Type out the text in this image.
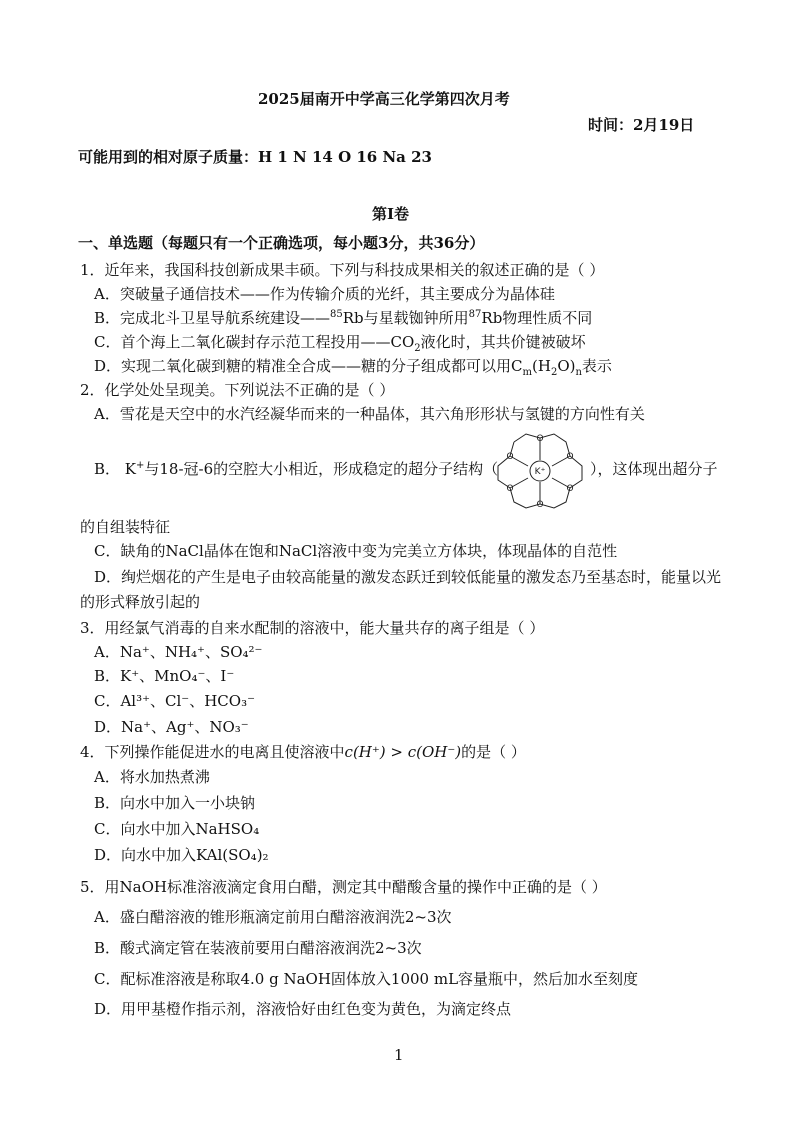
2025届南开中学高三化学第四次月考
时间：2月19日
可能用到的相对原子质量：H 1 N 14 O 16 Na 23
第Ⅰ卷
一、单选题（每题只有一个正确选项，每小题3分，共36分）
1．近年来，我国科技创新成果丰硕。下列与科技成果相关的叙述正确的是（ ）
A．突破量子通信技术——作为传输介质的光纤，其主要成分为晶体硅
B．完成北斗卫星导航系统建设——$^{85}$Rb与星载铷钟所用$^{87}$Rb物理性质不同
C．首个海上二氧化碳封存示范工程投用$——CO_2$液化时，其共价键被破坏
D．实现二氧化碳到糖的精准全合成——糖的分子组成都可以用$C_m(H_2O)_n$表示
2．化学处处呈现美。下列说法不正确的是（ ）
A．雪花是天空中的水汽经凝华而来的一种晶体，其六角形形状与氢键的方向性有关
B． K+与18-冠-6的空腔大小相近，形成稳定的超分子结构（
O
O
O	O
O	O
K⁺	），这体现出超分子
的自组装特征
C．缺角的NaCl晶体在饱和NaCl溶液中变为完美立方体块，体现晶体的自范性
D．绚烂烟花的产生是电子由较高能量的激发态跃迁到较低能量的激发态乃至基态时，能量以光
的形式释放引起的
3．用经氯气消毒的自来水配制的溶液中，能大量共存的离子组是（ ）
A．Na⁺、NH₄⁺、SO₄²⁻
B．K⁺、MnO₄⁻、I⁻
C．Al³⁺、Cl⁻、HCO₃⁻
D．Na⁺、Ag⁺、NO₃⁻
4．下列操作能促进水的电离且使溶液中c(H⁺) > c(OH⁻)的是（ ）
A．将水加热煮沸
B．向水中加入一小块钠
C．向水中加入NaHSO₄
D．向水中加入KAl(SO₄)₂
5．用NaOH标准溶液滴定食用白醋，测定其中醋酸含量的操作中正确的是（ ）
A．盛白醋溶液的锥形瓶滴定前用白醋溶液润洗2~3次
B．酸式滴定管在装液前要用白醋溶液润洗2~3次
C．配标准溶液是称取4.0 g NaOH固体放入1000 mL容量瓶中，然后加水至刻度
D．用甲基橙作指示剂，溶液恰好由红色变为黄色，为滴定终点
1
